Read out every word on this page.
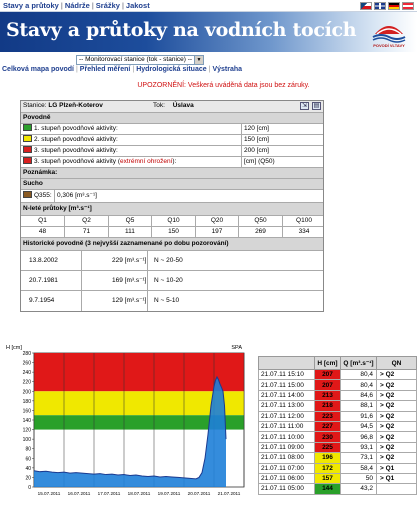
Stavy a průtoky | Nádrže | Srážky | Jakost
Stavy a průtoky na vodních tocích
POVODÍ VLTAVY
-- Monitorovací stanice (tok - stanice) -- ▼
Celková mapa povodí | Přehled měření | Hydrologická situace | Výstraha
UPOZORNĚNÍ: Veškerá uváděná data jsou bez záruky.
Stanice: LG Plzeň-Koterov	Tok: Úslava	⇲	▤
Povodně
1. stupeň povodňové aktivity:	120 [cm]
2. stupeň povodňové aktivity:	150 [cm]
3. stupeň povodňové aktivity:	200 [cm]
3. stupeň povodňové aktivity (extrémní ohrožení):	[cm] (Q50)
Poznámka:
Sucho
Q355: 0,306 [m³.s⁻¹]
N-leté průtoky [m³.s⁻¹]
Q1	Q2	Q5	Q10	Q20	Q50	Q100
48	71	111	150	197	269	334
Historické povodně (3 nejvyšší zaznamenané po dobu pozorování)
13.8.2002	229 [m³.s⁻¹]	N ~ 20-50
20.7.1981	169 [m³.s⁻¹]	N ~ 10-20
9.7.1954	129 [m³.s⁻¹]	N ~ 5-10
0
20
40
60
80
100
120
140
160
180
200
220
240
260
280
15.07.2011 16.07.2011 17.07.2011 18.07.2011 19.07.2011 20.07.2011 21.07.2011
H [cm]	SPA
	H [cm]	Q [m³.s⁻¹]	QN
21.07.11 15:10	207	80,4	> Q2
21.07.11 15:00	207	80,4	> Q2
21.07.11 14:00	213	84,6	> Q2
21.07.11 13:00	218	88,1	> Q2
21.07.11 12:00	223	91,6	> Q2
21.07.11 11:00	227	94,5	> Q2
21.07.11 10:00	230	96,8	> Q2
21.07.11 09:00	225	93,1	> Q2
21.07.11 08:00	196	73,1	> Q2
21.07.11 07:00	172	58,4	> Q1
21.07.11 06:00	157	50	> Q1
21.07.11 05:00	144	43,2	
